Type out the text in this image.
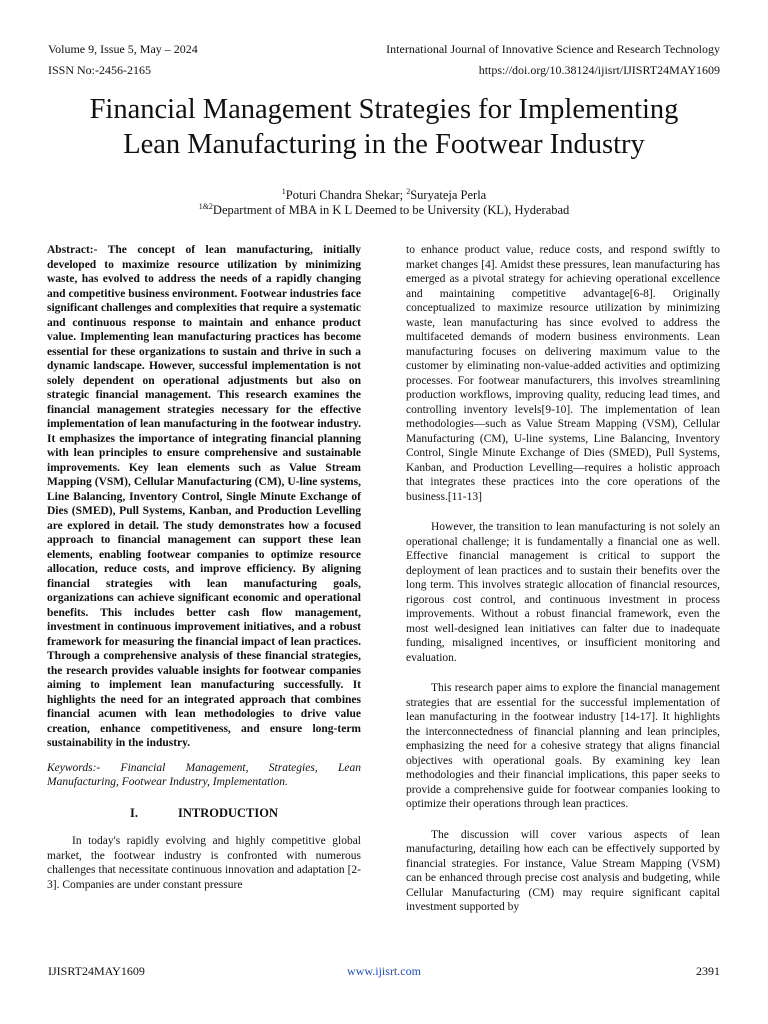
Volume 9, Issue 5, May – 2024	International Journal of Innovative Science and Research Technology
ISSN No:-2456-2165	https://doi.org/10.38124/ijisrt/IJISRT24MAY1609
Financial Management Strategies for Implementing
Lean Manufacturing in the Footwear Industry
$^1$Poturi Chandra Shekar; $^2$Suryateja Perla
$^{1\&2}$Department of MBA in K L Deemed to be University (KL), Hyderabad

Abstract:- The concept of lean manufacturing, initially developed to maximize resource utilization by minimizing waste, has evolved to address the needs of a rapidly changing and competitive business environment. Footwear industries face significant challenges and complexities that require a systematic and continuous response to maintain and enhance product value. Implementing lean manufacturing practices has become essential for these organizations to sustain and thrive in such a dynamic landscape. However, successful implementation is not solely dependent on operational adjustments but also on strategic financial management. This research examines the financial management strategies necessary for the effective implementation of lean manufacturing in the footwear industry. It emphasizes the importance of integrating financial planning with lean principles to ensure comprehensive and sustainable improvements. Key lean elements such as Value Stream Mapping (VSM), Cellular Manufacturing (CM), U-line systems, Line Balancing, Inventory Control, Single Minute Exchange of Dies (SMED), Pull Systems, Kanban, and Production Levelling are explored in detail. The study demonstrates how a focused approach to financial management can support these lean elements, enabling footwear companies to optimize resource allocation, reduce costs, and improve efficiency. By aligning financial strategies with lean manufacturing goals, organizations can achieve significant economic and operational benefits. This includes better cash flow management, investment in continuous improvement initiatives, and a robust framework for measuring the financial impact of lean practices. Through a comprehensive analysis of these financial strategies, the research provides valuable insights for footwear companies aiming to implement lean manufacturing successfully. It highlights the need for an integrated approach that combines financial acumen with lean methodologies to drive value creation, enhance competitiveness, and ensure long-term sustainability in the industry.

Keywords:- Financial Management, Strategies, Lean Manufacturing, Footwear Industry, Implementation.

I.	INTRODUCTION

In today's rapidly evolving and highly competitive global market, the footwear industry is confronted with numerous challenges that necessitate continuous innovation and adaptation [2-3]. Companies are under constant pressure

to enhance product value, reduce costs, and respond swiftly to market changes [4]. Amidst these pressures, lean manufacturing has emerged as a pivotal strategy for achieving operational excellence and maintaining competitive advantage[6-8]. Originally conceptualized to maximize resource utilization by minimizing waste, lean manufacturing has since evolved to address the multifaceted demands of modern business environments. Lean manufacturing focuses on delivering maximum value to the customer by eliminating non-value-added activities and optimizing processes. For footwear manufacturers, this involves streamlining production workflows, improving quality, reducing lead times, and controlling inventory levels[9-10]. The implementation of lean methodologies—such as Value Stream Mapping (VSM), Cellular Manufacturing (CM), U-line systems, Line Balancing, Inventory Control, Single Minute Exchange of Dies (SMED), Pull Systems, Kanban, and Production Levelling—requires a holistic approach that integrates these practices into the core operations of the business.[11-13]

However, the transition to lean manufacturing is not solely an operational challenge; it is fundamentally a financial one as well. Effective financial management is critical to support the deployment of lean practices and to sustain their benefits over the long term. This involves strategic allocation of financial resources, rigorous cost control, and continuous investment in process improvements. Without a robust financial framework, even the most well-designed lean initiatives can falter due to inadequate funding, misaligned incentives, or insufficient monitoring and evaluation.

This research paper aims to explore the financial management strategies that are essential for the successful implementation of lean manufacturing in the footwear industry [14-17]. It highlights the interconnectedness of financial planning and lean principles, emphasizing the need for a cohesive strategy that aligns financial objectives with operational goals. By examining key lean methodologies and their financial implications, this paper seeks to provide a comprehensive guide for footwear companies looking to optimize their operations through lean practices.

The discussion will cover various aspects of lean manufacturing, detailing how each can be effectively supported by financial strategies. For instance, Value Stream Mapping (VSM) can be enhanced through precise cost analysis and budgeting, while Cellular Manufacturing (CM) may require significant capital investment supported by

IJISRT24MAY1609	www.ijisrt.com	2391
